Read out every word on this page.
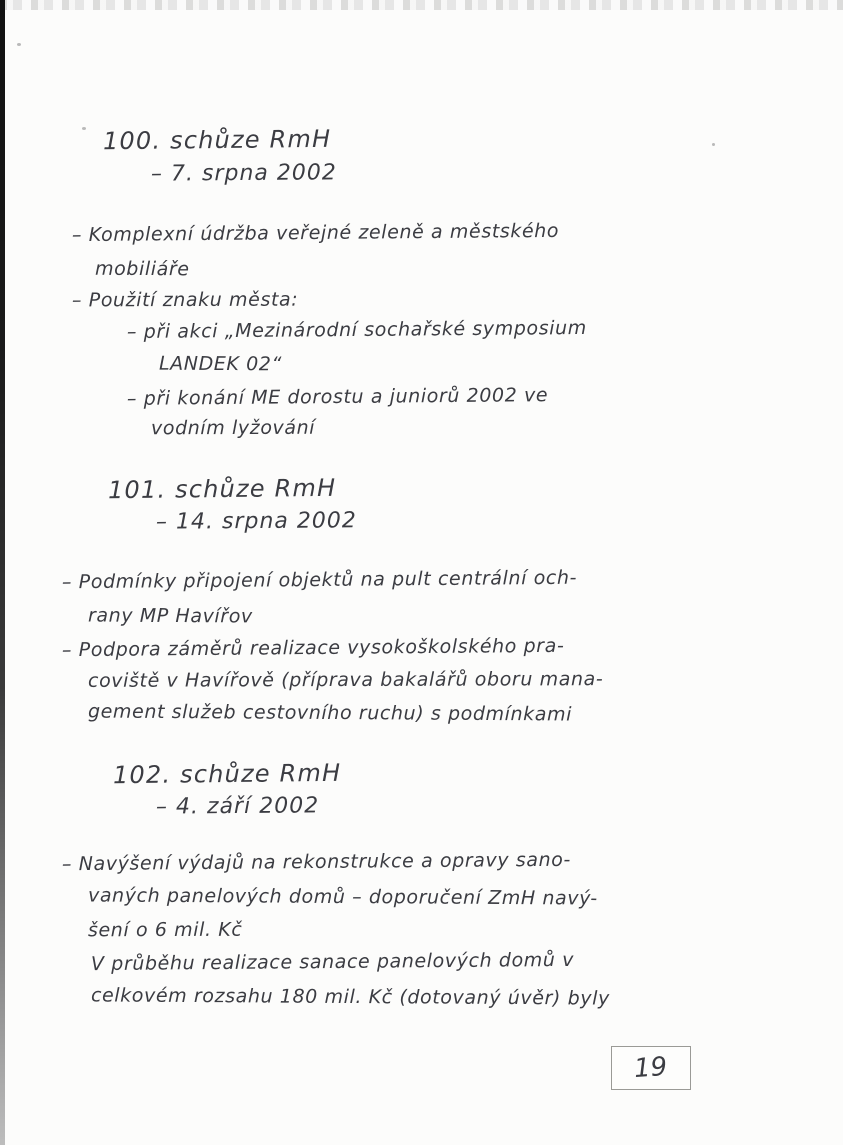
100. schůze RmH
– 7. srpna 2002
– Komplexní údržba veřejné zeleně a městského
mobiliáře
– Použití znaku města:
– při akci „Mezinárodní sochařské symposium
LANDEK 02“
– při konání ME dorostu a juniorů 2002 ve
vodním lyžování
101. schůze RmH
– 14. srpna 2002
– Podmínky připojení objektů na pult centrální och-
rany MP Havířov
– Podpora záměrů realizace vysokoškolského pra-
coviště v Havířově (příprava bakalářů oboru mana-
gement služeb cestovního ruchu) s podmínkami
102. schůze RmH
– 4. září 2002
– Navýšení výdajů na rekonstrukce a opravy sano-
vaných panelových domů – doporučení ZmH navý-
šení o 6 mil. Kč
V průběhu realizace sanace panelových domů v
celkovém rozsahu 180 mil. Kč (dotovaný úvěr) byly
19
